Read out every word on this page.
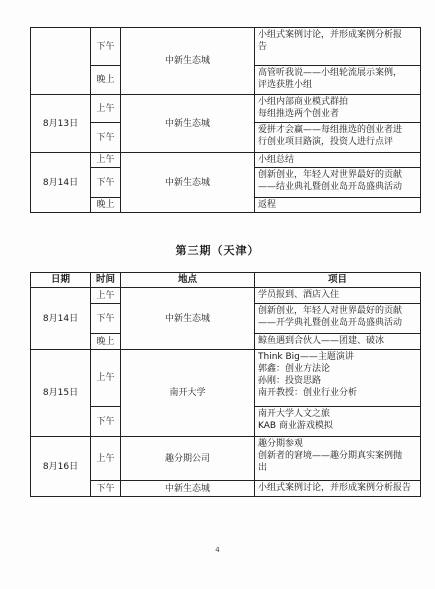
	下午	中新生态城	小组式案例讨论，并形成案例分析报
告

	晚上		高管听我说——小组轮流展示案例，
评选获胜小组

8月13日	上午	中新生态城	小组内部商业模式群拍
每组推选两个创业者

	下午		爱拼才会赢——每组推选的创业者进
行创业项目路演，投资人进行点评

8月14日	上午	中新生态城	小组总结

	下午		创新创业，年轻人对世界最好的贡献
——结业典礼暨创业岛开岛盛典活动

	晚上		返程
第三期（天津）
日期	时间	地点	项目
8月14日	上午	中新生态城	学员报到、酒店入住

	下午		创新创业，年轻人对世界最好的贡献
——开学典礼暨创业岛开岛盛典活动

	晚上		鲸鱼遇到合伙人——团建、破冰

8月15日	上午	南开大学	Think Big——主题演讲
郭鑫：创业方法论
孙刚：投资思路
南开教授：创业行业分析

	下午		南开大学人文之旅
KAB 商业游戏模拟

8月16日	上午	趣分期公司	趣分期参观
创新者的窘境——趣分期真实案例抛
出

	下午	中新生态城	小组式案例讨论，并形成案例分析报告
4
